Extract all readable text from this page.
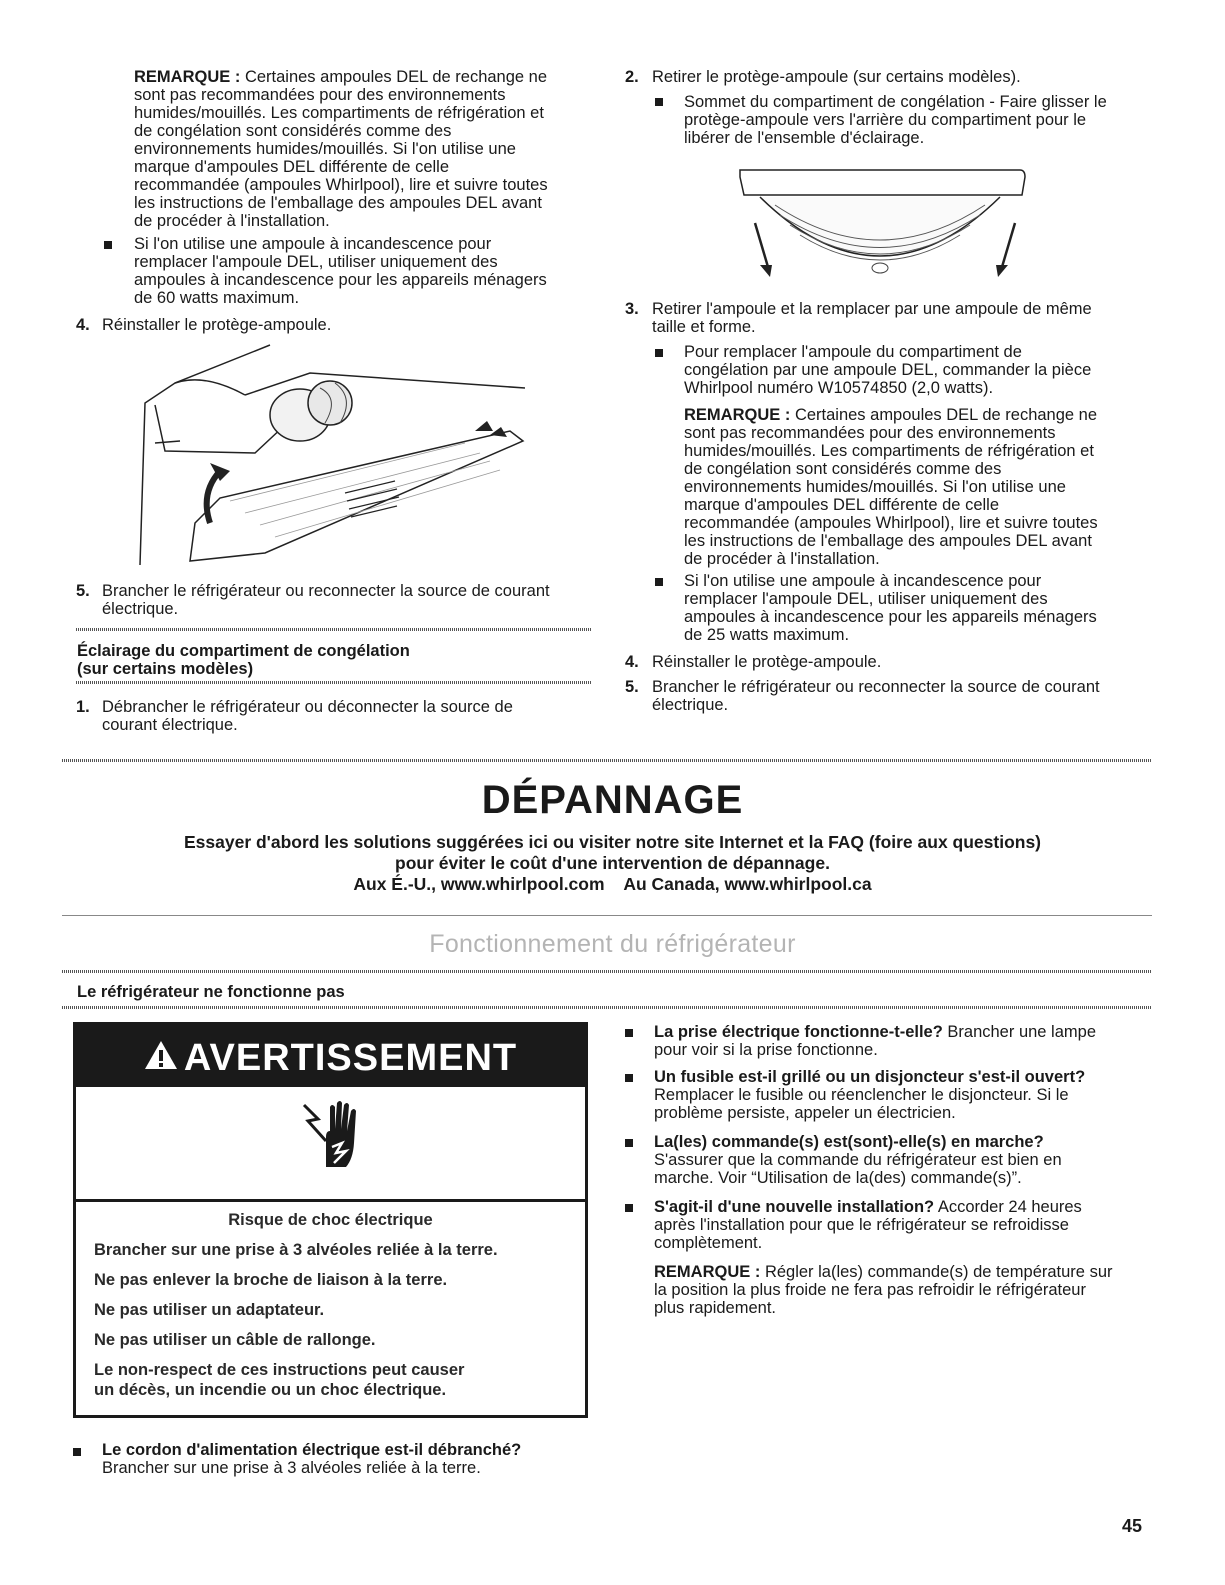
REMARQUE : Certaines ampoules DEL de rechange ne
sont pas recommandées pour des environnements
humides/mouillés. Les compartiments de réfrigération et
de congélation sont considérés comme des
environnements humides/mouillés. Si l'on utilise une
marque d'ampoules DEL différente de celle
recommandée (ampoules Whirlpool), lire et suivre toutes
les instructions de l'emballage des ampoules DEL avant
de procéder à l'installation.
Si l'on utilise une ampoule à incandescence pour
remplacer l'ampoule DEL, utiliser uniquement des
ampoules à incandescence pour les appareils ménagers
de 60 watts maximum.
4. Réinstaller le protège-ampoule.
5. Brancher le réfrigérateur ou reconnecter la source de courant
électrique.
Éclairage du compartiment de congélation
(sur certains modèles)
1. Débrancher le réfrigérateur ou déconnecter la source de
courant électrique.
2. Retirer le protège-ampoule (sur certains modèles).
Sommet du compartiment de congélation - Faire glisser le
protège-ampoule vers l'arrière du compartiment pour le
libérer de l'ensemble d'éclairage.
3. Retirer l'ampoule et la remplacer par une ampoule de même
taille et forme.
Pour remplacer l'ampoule du compartiment de
congélation par une ampoule DEL, commander la pièce
Whirlpool numéro W10574850 (2,0 watts).
REMARQUE : Certaines ampoules DEL de rechange ne
sont pas recommandées pour des environnements
humides/mouillés. Les compartiments de réfrigération et
de congélation sont considérés comme des
environnements humides/mouillés. Si l'on utilise une
marque d'ampoules DEL différente de celle
recommandée (ampoules Whirlpool), lire et suivre toutes
les instructions de l'emballage des ampoules DEL avant
de procéder à l'installation.
Si l'on utilise une ampoule à incandescence pour
remplacer l'ampoule DEL, utiliser uniquement des
ampoules à incandescence pour les appareils ménagers
de 25 watts maximum.
4. Réinstaller le protège-ampoule.
5. Brancher le réfrigérateur ou reconnecter la source de courant
électrique.
DÉPANNAGE
Essayer d'abord les solutions suggérées ici ou visiter notre site Internet et la FAQ (foire aux questions)
pour éviter le coût d'une intervention de dépannage.
Aux É.-U., www.whirlpool.com    Au Canada, www.whirlpool.ca
Fonctionnement du réfrigérateur
Le réfrigérateur ne fonctionne pas
AVERTISSEMENT
Risque de choc électrique
Brancher sur une prise à 3 alvéoles reliée à la terre.
Ne pas enlever la broche de liaison à la terre.
Ne pas utiliser un adaptateur.
Ne pas utiliser un câble de rallonge.
Le non-respect de ces instructions peut causer
un décès, un incendie ou un choc électrique.
Le cordon d'alimentation électrique est-il débranché?
Brancher sur une prise à 3 alvéoles reliée à la terre.
La prise électrique fonctionne-t-elle? Brancher une lampe
pour voir si la prise fonctionne.
Un fusible est-il grillé ou un disjoncteur s'est-il ouvert?
Remplacer le fusible ou réenclencher le disjoncteur. Si le
problème persiste, appeler un électricien.
La(les) commande(s) est(sont)-elle(s) en marche?
S'assurer que la commande du réfrigérateur est bien en
marche. Voir “Utilisation de la(des) commande(s)”.
S'agit-il d'une nouvelle installation? Accorder 24 heures
après l'installation pour que le réfrigérateur se refroidisse
complètement.
REMARQUE : Régler la(les) commande(s) de température sur
la position la plus froide ne fera pas refroidir le réfrigérateur
plus rapidement.
45
